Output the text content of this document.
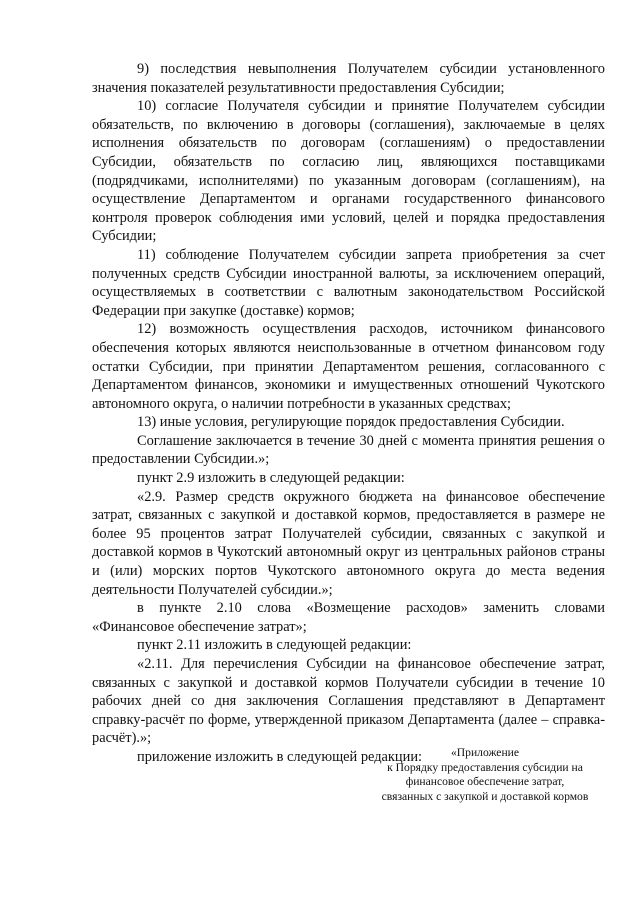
9) последствия невыполнения Получателем субсидии установленного значения показателей результативности предоставления Субсидии;

10) согласие Получателя субсидии и принятие Получателем субсидии обязательств, по включению в договоры (соглашения), заключаемые в целях исполнения обязательств по договорам (соглашениям) о предоставлении Субсидии, обязательств по согласию лиц, являющихся поставщиками (подрядчиками, исполнителями) по указанным договорам (соглашениям), на осуществление Департаментом и органами государственного финансового контроля проверок соблюдения ими условий, целей и порядка предоставления Субсидии;

11) соблюдение Получателем субсидии запрета приобретения за счет полученных средств Субсидии иностранной валюты, за исключением операций, осуществляемых в соответствии с валютным законодательством Российской Федерации при закупке (доставке) кормов;

12) возможность осуществления расходов, источником финансового обеспечения которых являются неиспользованные в отчетном финансовом году остатки Субсидии, при принятии Департаментом решения, согласованного с Департаментом финансов, экономики и имущественных отношений Чукотского автономного округа, о наличии потребности в указанных средствах;

13) иные условия, регулирующие порядок предоставления Субсидии.

Соглашение заключается в течение 30 дней с момента принятия решения о предоставлении Субсидии.»;

пункт 2.9 изложить в следующей редакции:

«2.9. Размер средств окружного бюджета на финансовое обеспечение затрат, связанных с закупкой и доставкой кормов, предоставляется в размере не более 95 процентов затрат Получателей субсидии, связанных с закупкой и доставкой кормов в Чукотский автономный округ из центральных районов страны и (или) морских портов Чукотского автономного округа до места ведения деятельности Получателей субсидии.»;

в пункте 2.10 слова «Возмещение расходов» заменить словами «Финансовое обеспечение затрат»;

пункт 2.11 изложить в следующей редакции:

«2.11. Для перечисления Субсидии на финансовое обеспечение затрат, связанных с закупкой и доставкой кормов Получатели субсидии в течение 10 рабочих дней со дня заключения Соглашения представляют в Департамент справку-расчёт по форме, утвержденной приказом Департамента (далее – справка-расчёт).»;

приложение изложить в следующей редакции:	«Приложение
к Порядку предоставления субсидии на
финансовое обеспечение затрат,
связанных с закупкой и доставкой кормов
